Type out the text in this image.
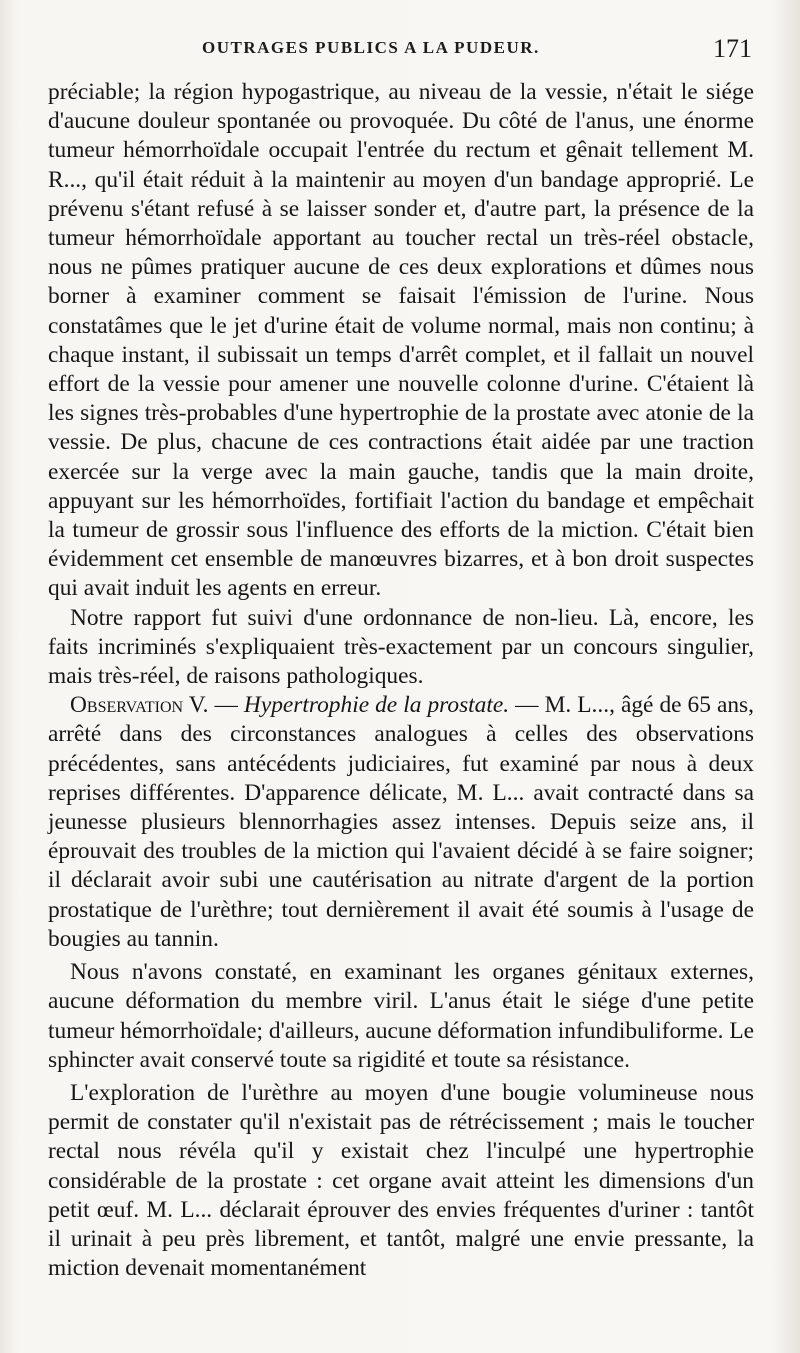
OUTRAGES PUBLICS A LA PUDEUR.	171

préciable; la région hypogastrique, au niveau de la vessie, n'était le siége d'aucune douleur spontanée ou provoquée. Du côté de l'anus, une énorme tumeur hémorrhoïdale occupait l'entrée du rectum et gênait tellement M. R..., qu'il était réduit à la maintenir au moyen d'un bandage approprié. Le prévenu s'étant refusé à se laisser sonder et, d'autre part, la présence de la tumeur hémorrhoïdale apportant au toucher rectal un très-réel obstacle, nous ne pûmes pratiquer aucune de ces deux explorations et dûmes nous borner à examiner comment se faisait l'émission de l'urine. Nous constatâmes que le jet d'urine était de volume normal, mais non continu; à chaque instant, il subissait un temps d'arrêt complet, et il fallait un nouvel effort de la vessie pour amener une nouvelle colonne d'urine. C'étaient là les signes très-probables d'une hypertrophie de la prostate avec atonie de la vessie. De plus, chacune de ces contractions était aidée par une traction exercée sur la verge avec la main gauche, tandis que la main droite, appuyant sur les hémorrhoïdes, fortifiait l'action du bandage et empêchait la tumeur de grossir sous l'influence des efforts de la miction. C'était bien évidemment cet ensemble de manœuvres bizarres, et à bon droit suspectes qui avait induit les agents en erreur.

Notre rapport fut suivi d'une ordonnance de non-lieu. Là, encore, les faits incriminés s'expliquaient très-exactement par un concours singulier, mais très-réel, de raisons pathologiques.

Observation V. — Hypertrophie de la prostate. — M. L..., âgé de 65 ans, arrêté dans des circonstances analogues à celles des observations précédentes, sans antécédents judiciaires, fut examiné par nous à deux reprises différentes. D'apparence délicate, M. L... avait contracté dans sa jeunesse plusieurs blennorrhagies assez intenses. Depuis seize ans, il éprouvait des troubles de la miction qui l'avaient décidé à se faire soigner; il déclarait avoir subi une cautérisation au nitrate d'argent de la portion prostatique de l'urèthre; tout dernièrement il avait été soumis à l'usage de bougies au tannin.

Nous n'avons constaté, en examinant les organes génitaux externes, aucune déformation du membre viril. L'anus était le siége d'une petite tumeur hémorrhoïdale; d'ailleurs, aucune déformation infundibuliforme. Le sphincter avait conservé toute sa rigidité et toute sa résistance.

L'exploration de l'urèthre au moyen d'une bougie volumineuse nous permit de constater qu'il n'existait pas de rétrécissement ; mais le toucher rectal nous révéla qu'il y existait chez l'inculpé une hypertrophie considérable de la prostate : cet organe avait atteint les dimensions d'un petit œuf. M. L... déclarait éprouver des envies fréquentes d'uriner : tantôt il urinait à peu près librement, et tantôt, malgré une envie pressante, la miction devenait momentanément
